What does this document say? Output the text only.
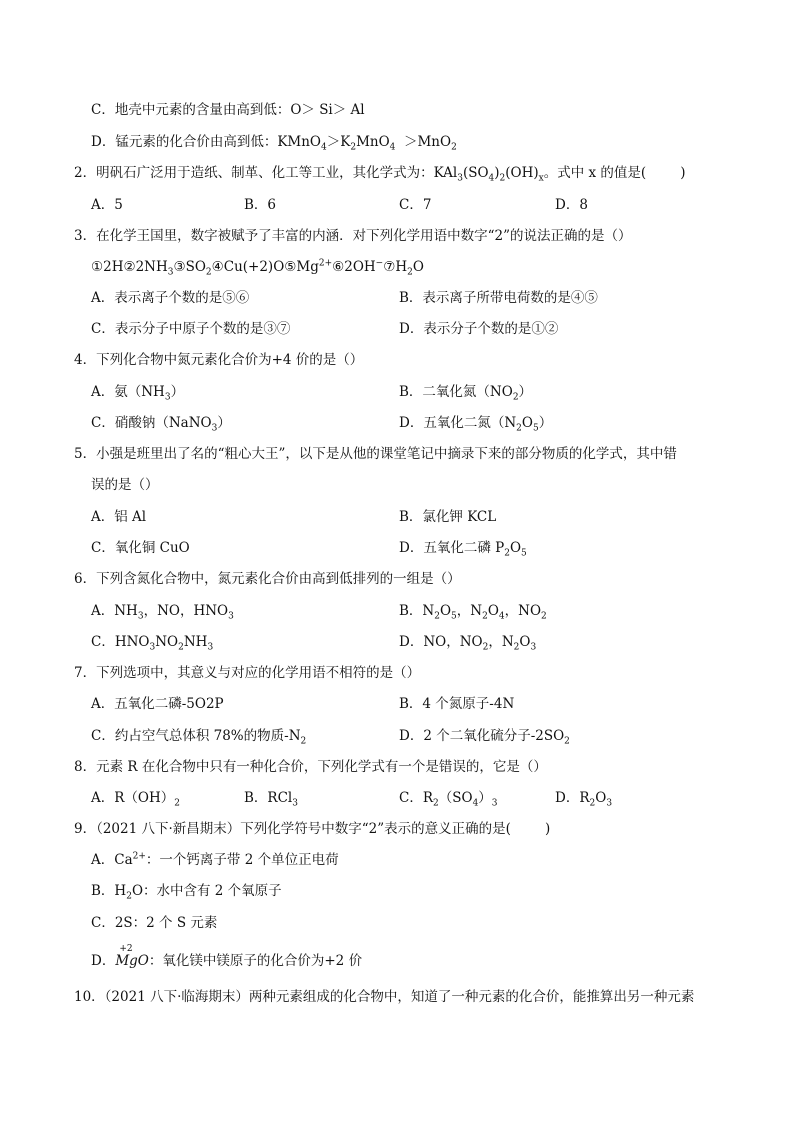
C．地壳中元素的含量由高到低：O＞ Si＞ Al
D．锰元素的化合价由高到低：$KMnO_4>K_2MnO_4 >MnO_2$
2．明矾石广泛用于造纸、制革、化工等工业，其化学式为：$KAl_3(SO_4)_2(OH)_x$。式中 x 的值是(	)
A．5	B．6	C．7	D．8
3．在化学王国里，数字被赋予了丰富的内涵．对下列化学用语中数字“2”的说法正确的是（）
$①2H②2NH_3③SO_2④Cu(+2)O⑤Mg^{2+}⑥2OH^-⑦H_2O$
A．表示离子个数的是⑤⑥	B．表示离子所带电荷数的是④⑤
C．表示分子中原子个数的是③⑦	D．表示分子个数的是①②
4．下列化合物中氮元素化合价为+4 价的是（）
A．氨$(NH_3)$	B．二氧化氮$(NO_2)$
C．硝酸钠（NaNO$_3$）	D．五氧化二氮$(N_2O_5)$
5．小强是班里出了名的“粗心大王”，以下是从他的课堂笔记中摘录下来的部分物质的化学式，其中错
误的是（）
A．铝 Al	B．氯化钾 KCL
C．氧化铜 CuO	D．五氧化二磷 $P_2O_5$
6．下列含氮化合物中，氮元素化合价由高到低排列的一组是（）
A．$NH_3$，NO，$HNO_3$	B．$N_2O_5$，$N_2O_4$，$NO_2$
C．$HNO_3NO_2NH_3$	D．NO，$NO_2$，$N_2O_3$
7．下列选项中，其意义与对应的化学用语不相符的是（）
A．五氧化二磷-5O2P	B．4 个氮原子-4N
C．约占空气总体积 78%的物质$-N_2$	D．2 个二氧化硫分子$-2SO_2$
8．元素 R 在化合物中只有一种化合价，下列化学式有一个是错误的，它是（）
A．$R(OH)_2$	B．RCl$_3$	C．$R_2(SO_4)_3$	D．$R_2O_3$
9．（2021 八下·新昌期末）下列化学符号中数字“2”表示的意义正确的是(	)
A．$Ca^{2+}$：一个钙离子带 2 个单位正电荷
B．$H_2O$：水中含有 2 个氧原子
C．2S：2 个 S 元素
D．
+2
MgO：氧化镁中镁原子的化合价为+2 价
10．（2021 八下·临海期末）两种元素组成的化合物中，知道了一种元素的化合价，能推算出另一种元素
